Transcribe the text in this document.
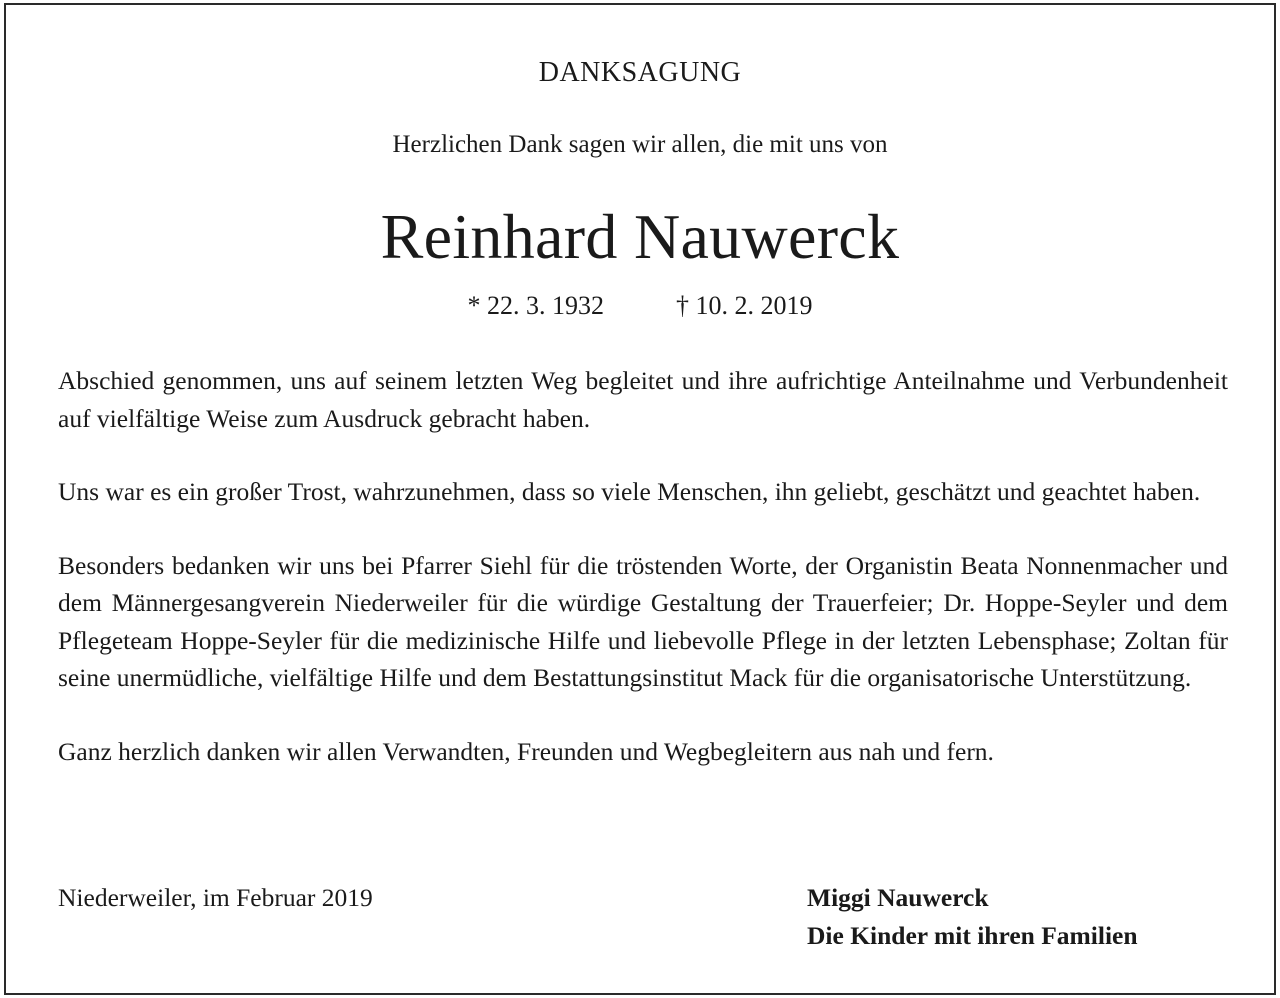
DANKSAGUNG
Herzlichen Dank sagen wir allen, die mit uns von
Reinhard Nauwerck
* 22. 3. 1932	† 10. 2. 2019

Abschied genommen, uns auf seinem letzten Weg begleitet und ihre aufrichtige Anteilnahme und Verbundenheit auf vielfältige Weise zum Ausdruck gebracht haben.

Uns war es ein großer Trost, wahrzunehmen, dass so viele Menschen, ihn geliebt, geschätzt und geachtet haben.

Besonders bedanken wir uns bei Pfarrer Siehl für die tröstenden Worte, der Organistin Beata Nonnenmacher und dem Männergesangverein Niederweiler für die würdige Gestaltung der Trauerfeier; Dr. Hoppe-Seyler und dem Pflegeteam Hoppe-Seyler für die medizinische Hilfe und liebevolle Pflege in der letzten Lebensphase; Zoltan für seine unermüdliche, vielfältige Hilfe und dem Bestattungsinstitut Mack für die organisatorische Unterstützung.

Ganz herzlich danken wir allen Verwandten, Freunden und Wegbegleitern aus nah und fern.

Niederweiler, im Februar 2019	Miggi Nauwerck
Die Kinder mit ihren Familien
